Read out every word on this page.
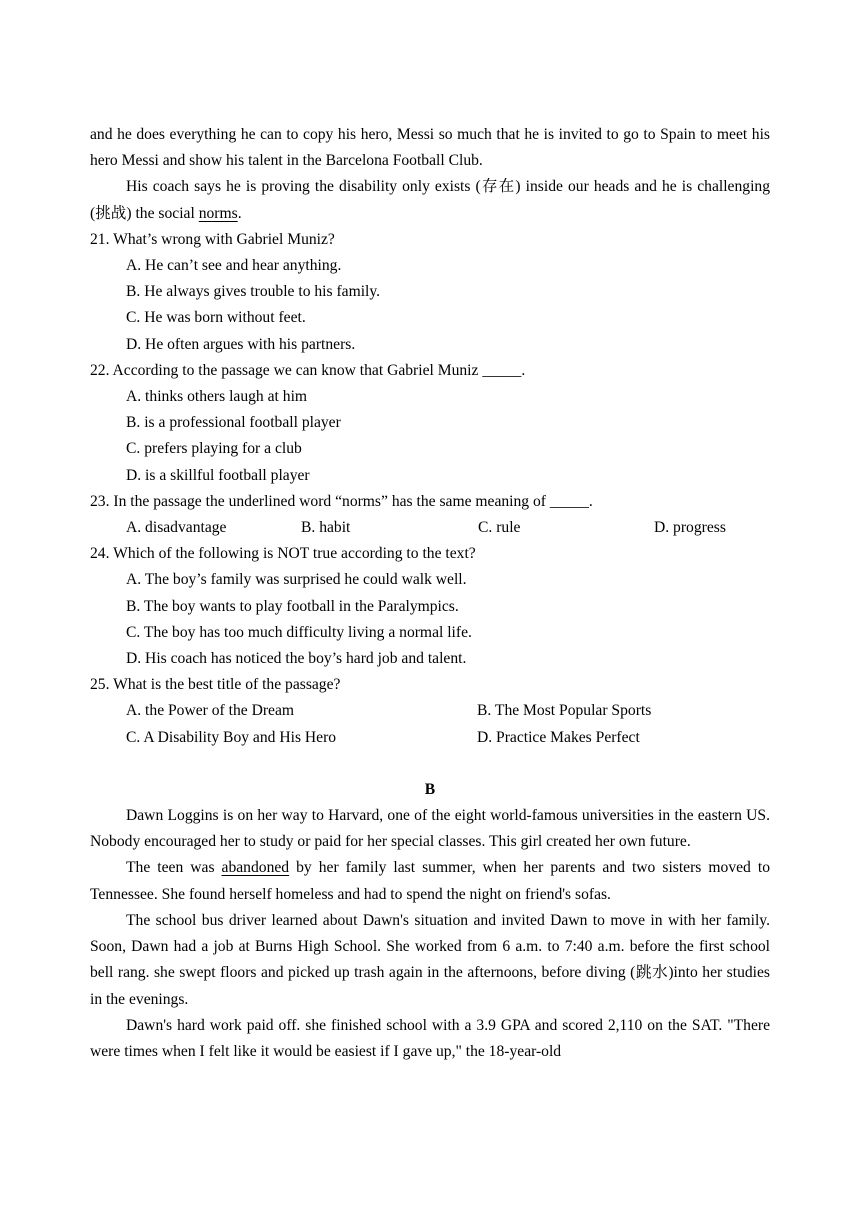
and he does everything he can to copy his hero, Messi so much that he is invited to go to Spain to meet his hero Messi and show his talent in the Barcelona Football Club.

His coach says he is proving the disability only exists (存在) inside our heads and he is challenging (挑战) the social norms.

21. What’s wrong with Gabriel Muniz?

A. He can’t see and hear anything.

B. He always gives trouble to his family.

C. He was born without feet.

D. He often argues with his partners.

22. According to the passage we can know that Gabriel Muniz _____.

A. thinks others laugh at him

B. is a professional football player

C. prefers playing for a club

D. is a skillful football player

23. In the passage the underlined word “norms” has the same meaning of _____.

A. disadvantage	B. habit	C. rule	D. progress

24. Which of the following is NOT true according to the text?

A. The boy’s family was surprised he could walk well.

B. The boy wants to play football in the Paralympics.

C. The boy has too much difficulty living a normal life.

D. His coach has noticed the boy’s hard job and talent.

25. What is the best title of the passage?

A. the Power of the Dream	B. The Most Popular Sports
C. A Disability Boy and His Hero	D. Practice Makes Perfect

B

Dawn Loggins is on her way to Harvard, one of the eight world-famous universities in the eastern US. Nobody encouraged her to study or paid for her special classes. This girl created her own future.

The teen was abandoned by her family last summer, when her parents and two sisters moved to Tennessee. She found herself homeless and had to spend the night on friend's sofas.

The school bus driver learned about Dawn's situation and invited Dawn to move in with her family. Soon, Dawn had a job at Burns High School. She worked from 6 a.m. to 7:40 a.m. before the first school bell rang. she swept floors and picked up trash again in the afternoons, before diving (跳水)into her studies in the evenings.

Dawn's hard work paid off. she finished school with a 3.9 GPA and scored 2,110 on the SAT. "There were times when I felt like it would be easiest if I gave up," the 18-year-old
